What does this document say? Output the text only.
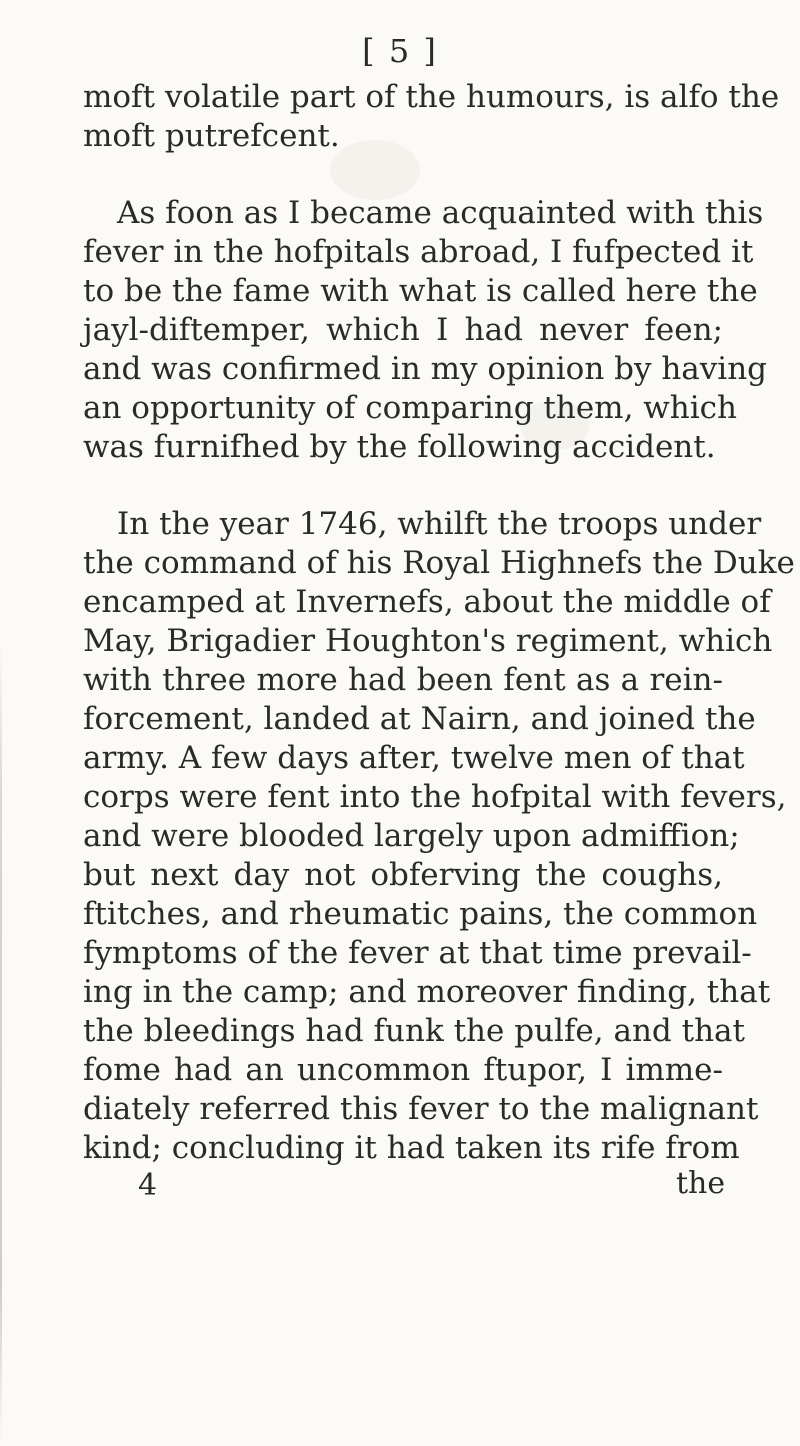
[ 5 ]
moft volatile part of the humours, is alfo the
moft putrefcent.
As foon as I became acquainted with this
fever in the hofpitals abroad, I fufpected it
to be the fame with what is called here the
jayl-diftemper, which I had never feen;
and was confirmed in my opinion by having
an opportunity of comparing them, which
was furnifhed by the following accident.
In the year 1746, whilft the troops under
the command of his Royal Highnefs the Duke
encamped at Invernefs, about the middle of
May, Brigadier Houghton's regiment, which
with three more had been fent as a rein-
forcement, landed at Nairn, and joined the
army. A few days after, twelve men of that
corps were fent into the hofpital with fevers,
and were blooded largely upon admiffion;
but next day not obferving the coughs,
ftitches, and rheumatic pains, the common
fymptoms of the fever at that time prevail-
ing in the camp; and moreover finding, that
the bleedings had funk the pulfe, and that
fome had an uncommon ftupor, I imme-
diately referred this fever to the malignant
kind; concluding it had taken its rife from
4	the
